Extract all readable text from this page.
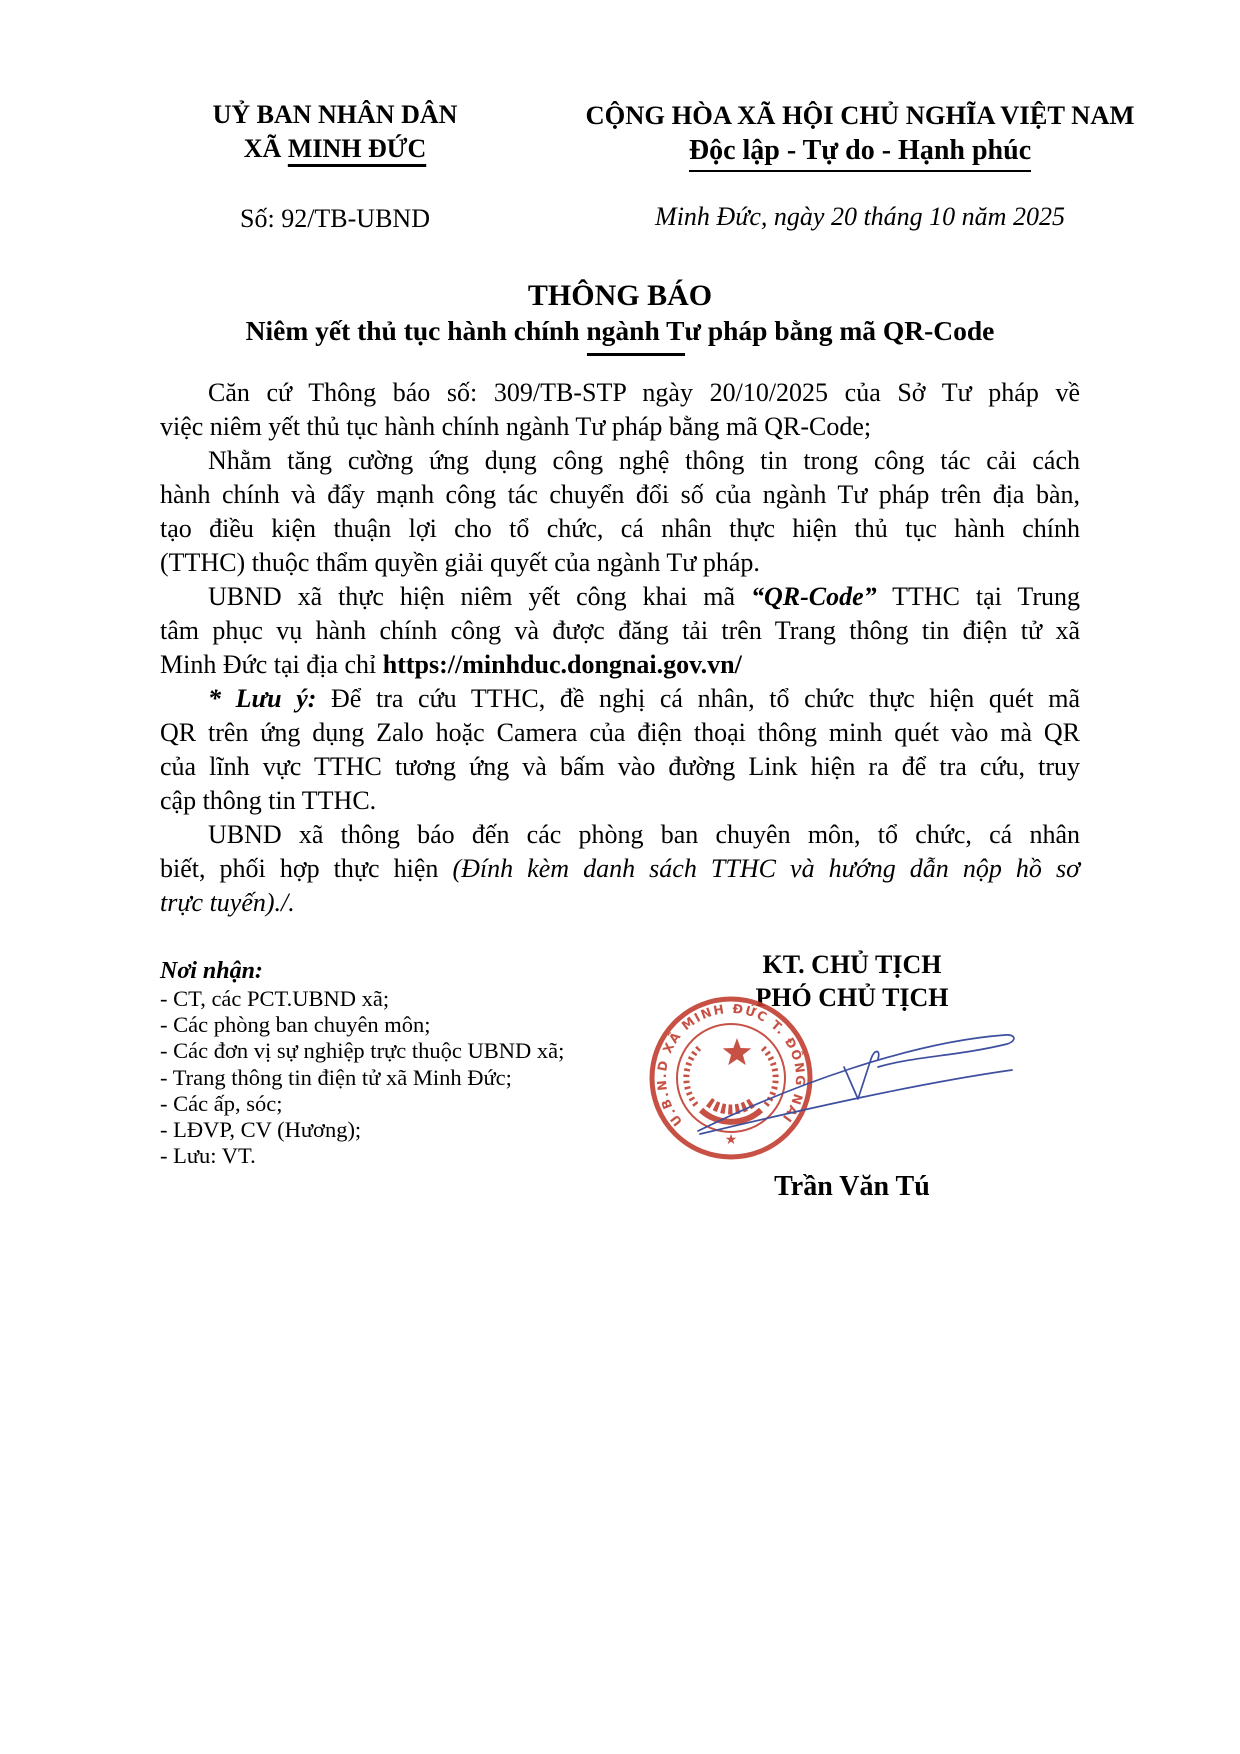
UỶ BAN NHÂN DÂN
XÃ MINH ĐỨC
Số: 92/TB-UBND
CỘNG HÒA XÃ HỘI CHỦ NGHĨA VIỆT NAM
Độc lập - Tự do - Hạnh phúc
Minh Đức, ngày 20 tháng 10 năm 2025
THÔNG BÁO
Niêm yết thủ tục hành chính ngành Tư pháp bằng mã QR-Code
Căn cứ Thông báo số: 309/TB-STP ngày 20/10/2025 của Sở Tư pháp về
việc niêm yết thủ tục hành chính ngành Tư pháp bằng mã QR-Code;
Nhằm tăng cường ứng dụng công nghệ thông tin trong công tác cải cách
hành chính và đẩy mạnh công tác chuyển đổi số của ngành Tư pháp trên địa bàn,
tạo điều kiện thuận lợi cho tổ chức, cá nhân thực hiện thủ tục hành chính
(TTHC) thuộc thẩm quyền giải quyết của ngành Tư pháp.
UBND xã thực hiện niêm yết công khai mã “QR-Code” TTHC tại Trung
tâm phục vụ hành chính công và được đăng tải trên Trang thông tin điện tử xã
Minh Đức tại địa chỉ https://minhduc.dongnai.gov.vn/
* Lưu ý: Để tra cứu TTHC, đề nghị cá nhân, tổ chức thực hiện quét mã
QR trên ứng dụng Zalo hoặc Camera của điện thoại thông minh quét vào mà QR
của lĩnh vực TTHC tương ứng và bấm vào đường Link hiện ra để tra cứu, truy
cập thông tin TTHC.
UBND xã thông báo đến các phòng ban chuyên môn, tổ chức, cá nhân
biết, phối hợp thực hiện (Đính kèm danh sách TTHC và hướng dẫn nộp hồ sơ
trực tuyến)./.
Nơi nhận:
- CT, các PCT.UBND xã;
- Các phòng ban chuyên môn;
- Các đơn vị sự nghiệp trực thuộc UBND xã;
- Trang thông tin điện tử xã Minh Đức;
- Các ấp, sóc;
- LĐVP, CV (Hương);
- Lưu: VT.
KT. CHỦ TỊCH
PHÓ CHỦ TỊCH
Trần Văn Tú
U.B.N.D XÃ MINH ĐỨC T. ĐỒNG NAI
★
